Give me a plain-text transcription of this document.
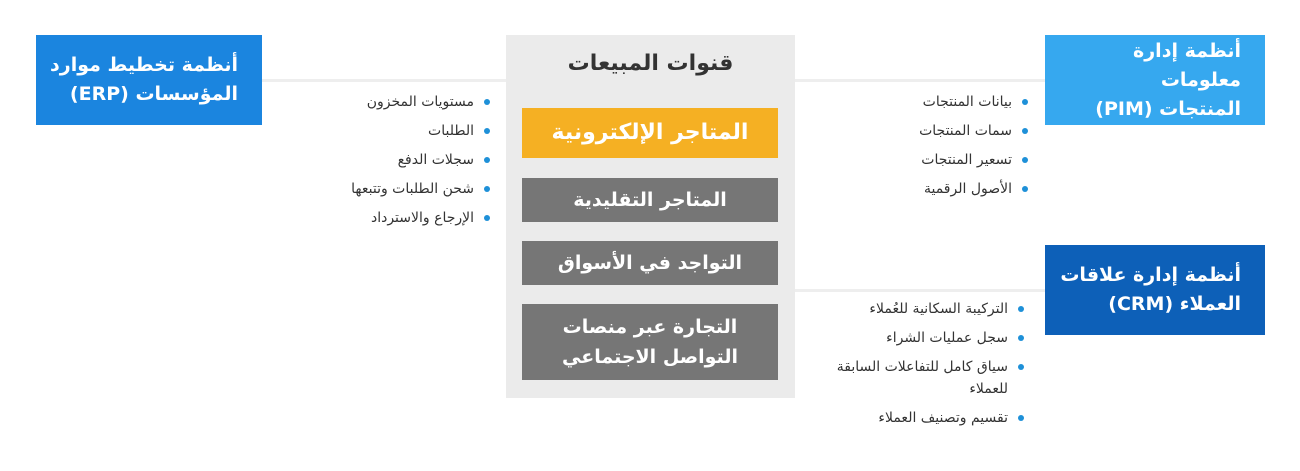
أنظمة تخطيط موارد
المؤسسات (ERP)
أنظمة إدارة معلومات
المنتجات (PIM)
أنظمة إدارة علاقات
العملاء (CRM)
مستويات المخزون
الطلبات
سجلات الدفع
شحن الطلبات وتتبعها
الإرجاع والاسترداد
بيانات المنتجات
سمات المنتجات
تسعير المنتجات
الأصول الرقمية
التركيبة السكانية للعُملاء
سجل عمليات الشراء
سياق كامل للتفاعلات السابقة للعملاء
تقسيم وتصنيف العملاء
قنوات المبيعات
المتاجر الإلكترونية
المتاجر التقليدية
التواجد في الأسواق
التجارة عبر منصات
التواصل الاجتماعي
